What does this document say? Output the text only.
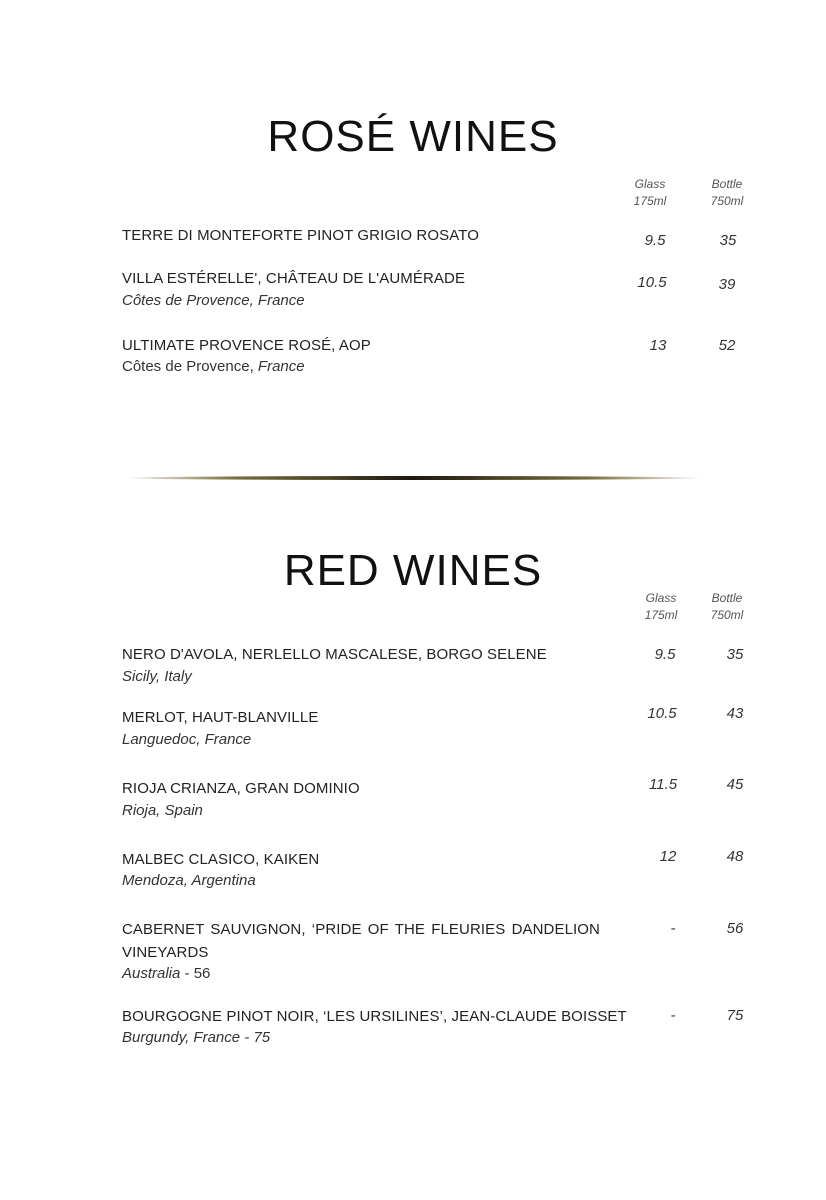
ROSÉ WINES
Glass
175ml
Bottle
750ml
TERRE DI MONTEFORTE PINOT GRIGIO ROSATO	9.5	35
VILLA ESTÉRELLE', CHÂTEAU DE L'AUMÉRADE
Côtes de Provence, France
10.5	39
ULTIMATE PROVENCE ROSÉ, AOP
Côtes de Provence, France
13	52
RED WINES
Glass
175ml
Bottle
750ml
NERO D'AVOLA, NERLELLO MASCALESE, BORGO SELENE
Sicily, Italy
9.5	35
MERLOT, HAUT-BLANVILLE
Languedoc, France
10.5	43
RIOJA CRIANZA, GRAN DOMINIO
Rioja, Spain
11.5	45
MALBEC CLASICO, KAIKEN
Mendoza, Argentina
12	48
CABERNET SAUVIGNON, ‘PRIDE OF THE FLEURIES DANDELION VINEYARDS
Australia - 56
-	56
BOURGOGNE PINOT NOIR, ‘LES URSILINES’, JEAN-CLAUDE BOISSET
Burgundy, France - 75
-	75
